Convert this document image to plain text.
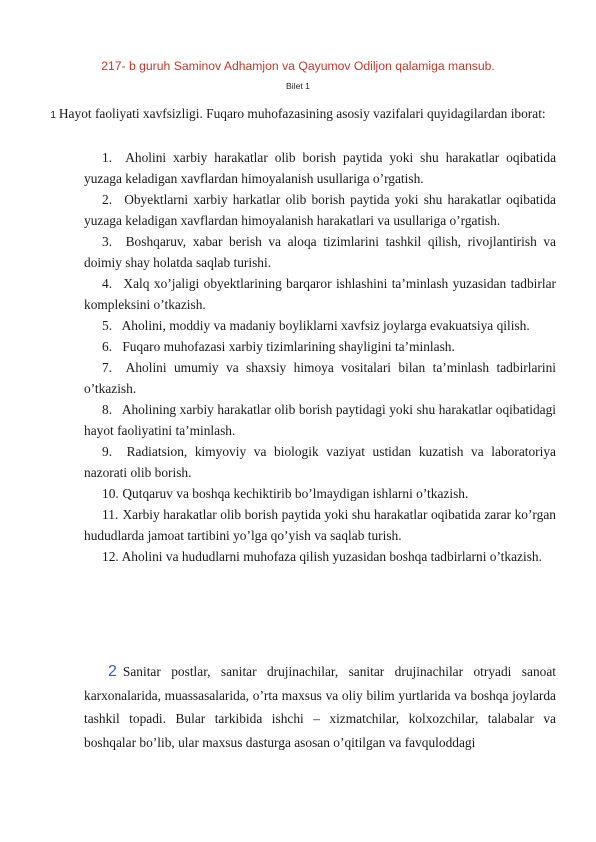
217- b guruh Saminov Adhamjon va Qayumov Odiljon qalamiga mansub.
Bilet 1
1 Hayot faoliyati xavfsizligi. Fuqaro muhofazasining asosiy vazifalari quyidagilardan iborat:
1. Aholini xarbiy harakatlar olib borish paytida yoki shu harakatlar oqibatida yuzaga keladigan xavflardan himoyalanish usullariga o’rgatish.
2. Obyektlarni xarbiy harkatlar olib borish paytida yoki shu harakatlar oqibatida yuzaga keladigan xavflardan himoyalanish harakatlari va usullariga o’rgatish.
3. Boshqaruv, xabar berish va aloqa tizimlarini tashkil qilish, rivojlantirish va doimiy shay holatda saqlab turishi.
4. Xalq xo’jaligi obyektlarining barqaror ishlashini ta’minlash yuzasidan tadbirlar kompleksini o’tkazish.
5. Aholini, moddiy va madaniy boyliklarni xavfsiz joylarga evakuatsiya qilish.
6. Fuqaro muhofazasi xarbiy tizimlarining shayligini ta’minlash.
7. Aholini umumiy va shaxsiy himoya vositalari bilan ta’minlash tadbirlarini o’tkazish.
8. Aholining xarbiy harakatlar olib borish paytidagi yoki shu harakatlar oqibatidagi hayot faoliyatini ta’minlash.
9. Radiatsion, kimyoviy va biologik vaziyat ustidan kuzatish va laboratoriya nazorati olib borish.
10. Qutqaruv va boshqa kechiktirib bo’lmaydigan ishlarni o’tkazish.
11. Xarbiy harakatlar olib borish paytida yoki shu harakatlar oqibatida zarar ko’rgan hududlarda jamoat tartibini yo’lga qo’yish va saqlab turish.
12. Aholini va hududlarni muhofaza qilish yuzasidan boshqa tadbirlarni o’tkazish.
2 Sanitar postlar, sanitar drujinachilar, sanitar drujinachilar otryadi sanoat karxonalarida, muassasalarida, o’rta maxsus va oliy bilim yurtlarida va boshqa joylarda tashkil topadi. Bular tarkibida ishchi – xizmatchilar, kolxozchilar, talabalar va boshqalar bo’lib, ular maxsus dasturga asosan o’qitilgan va favquloddagi
